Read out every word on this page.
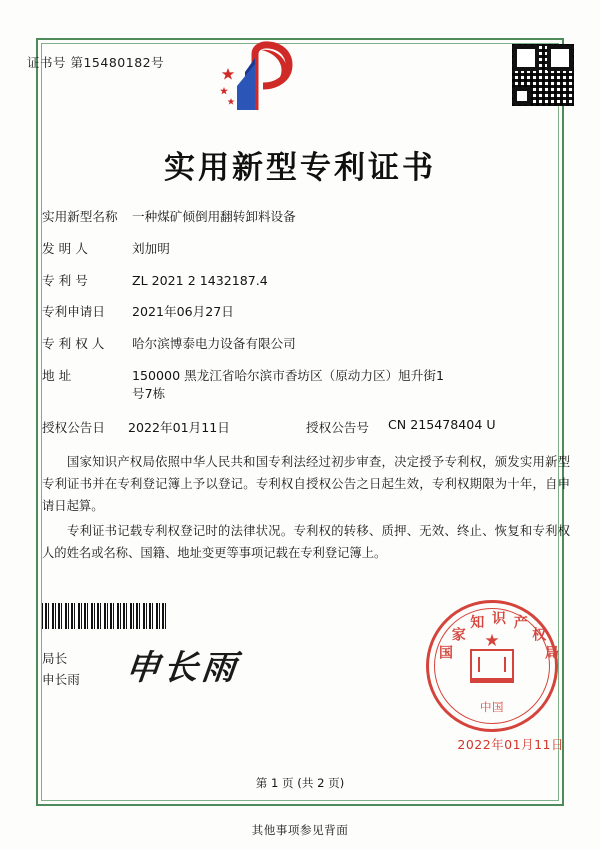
证书号 第15480182号
实用新型专利证书
实用新型名称	一种煤矿倾倒用翻转卸料设备
发 明 人	刘加明
专 利 号	ZL 2021 2 1432187.4
专利申请日	2021年06月27日
专 利 权 人	哈尔滨博泰电力设备有限公司
地 址	150000 黑龙江省哈尔滨市香坊区（原动力区）旭升街1
号7栋
授权公告日	2022年01月11日	授权公告号	CN 215478404 U

国家知识产权局依照中华人民共和国专利法经过初步审查，决定授予专利权，颁发实用新型专利证书并在专利登记簿上予以登记。专利权自授权公告之日起生效，专利权期限为十年，自申请日起算。

专利证书记载专利权登记时的法律状况。专利权的转移、质押、无效、终止、恢复和专利权人的姓名或名称、国籍、地址变更等事项记载在专利登记簿上。

局长
申长雨 申长雨
★
国
家
知 识 产
权
局
中国
2022年01月11日
第 1 页 (共 2 页)
其他事项参见背面
